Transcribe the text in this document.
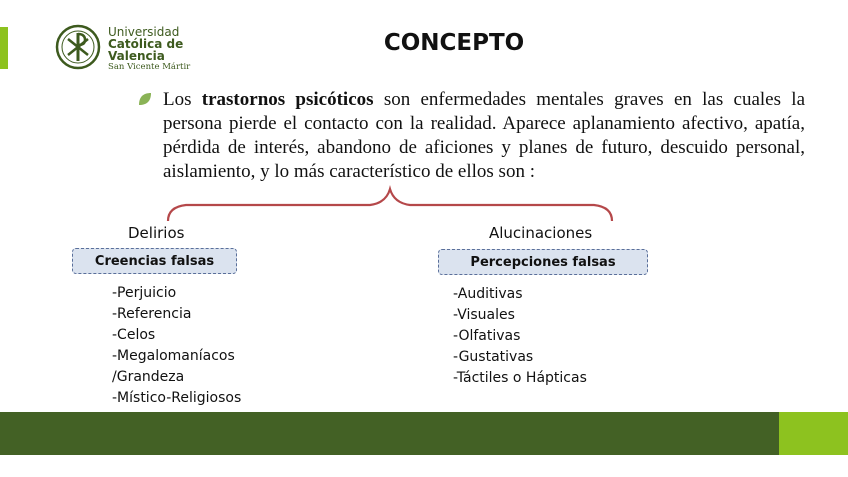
Universidad
Católica de
Valencia
San Vicente Mártir
CONCEPTO
Los trastornos psicóticos son enfermedades mentales graves en las cuales la persona pierde el contacto con la realidad. Aparece aplanamiento afectivo, apatía, pérdida de interés, abandono de aficiones y planes de futuro, descuido personal, aislamiento, y lo más característico de ellos son :
Delirios	Alucinaciones
Creencias falsas	Percepciones falsas
-Perjuicio
-Referencia
-Celos
-Megalomaníacos
/Grandeza
-Místico-Religiosos
-Auditivas
-Visuales
-Olfativas
-Gustativas
-Táctiles o Hápticas
